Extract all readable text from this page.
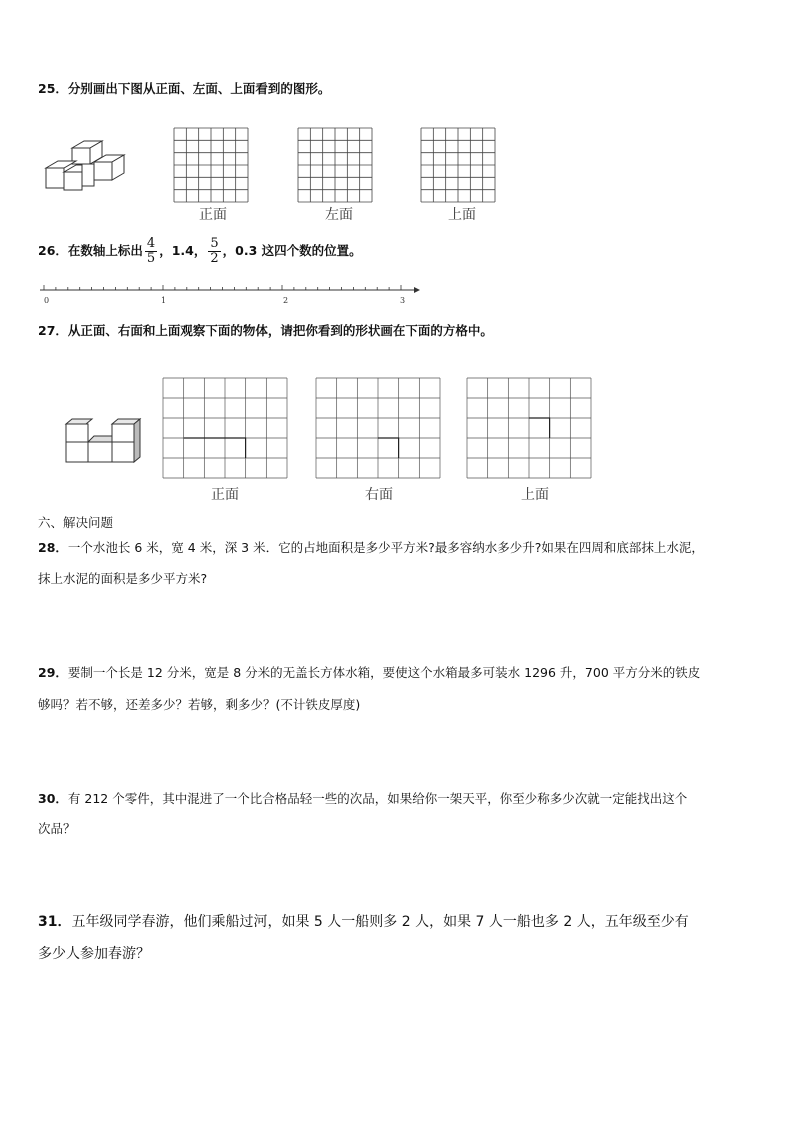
25．分别画出下图从正面、左面、上面看到的图形。
正面	左面	上面
26．在数轴上标出 $\frac{4}{5}$ ，1.4， $\frac{5}{2}$ ，0.3 这四个数的位置。
0	1	2	3
27．从正面、右面和上面观察下面的物体，请把你看到的形状画在下面的方格中。
正面	右面	上面
六、解决问题
28．一个水池长 6 米，宽 4 米，深 3 米．它的占地面积是多少平方米?最多容纳水多少升?如果在四周和底部抹上水泥，
抹上水泥的面积是多少平方米?
29．要制一个长是 12 分米，宽是 8 分米的无盖长方体水箱，要使这个水箱最多可装水 1296 升，700 平方分米的铁皮
够吗？若不够，还差多少？若够，剩多少？(不计铁皮厚度)
30．有 212 个零件，其中混进了一个比合格品轻一些的次品，如果给你一架天平，你至少称多少次就一定能找出这个
次品？
31．五年级同学春游，他们乘船过河，如果 5 人一船则多 2 人，如果 7 人一船也多 2 人，五年级至少有
多少人参加春游？
